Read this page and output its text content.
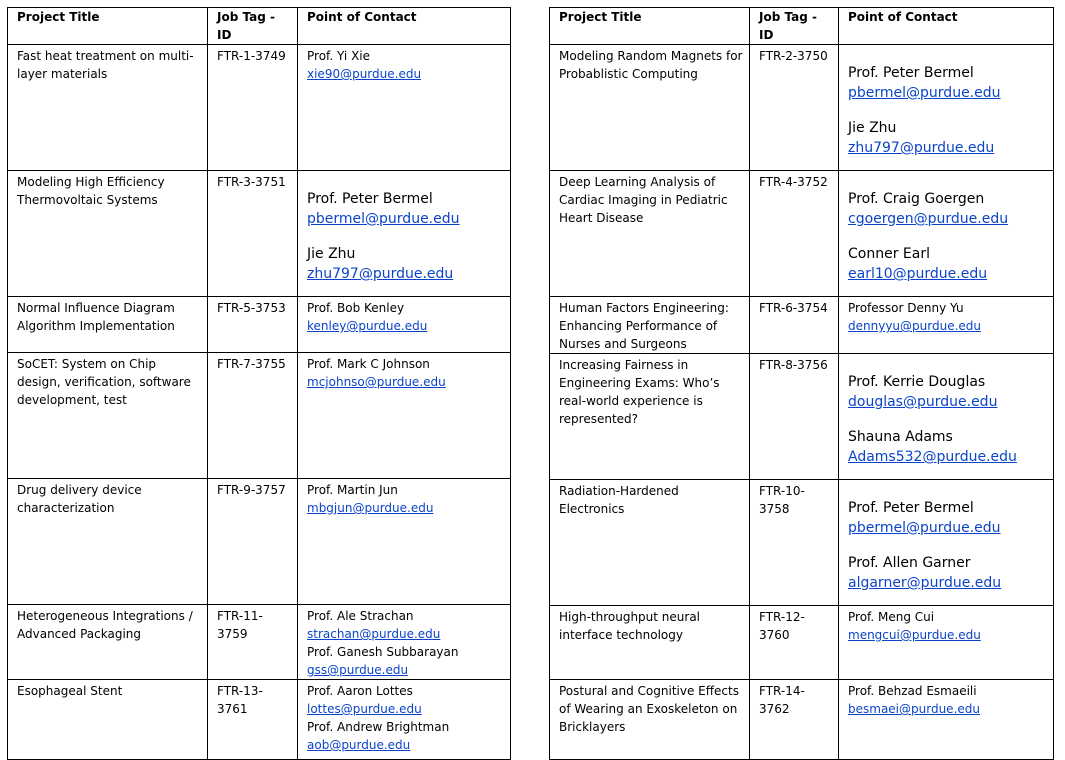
Project Title	Job Tag - ID	Point of Contact
Fast heat treatment on multi-layer materials	FTR-1-3749	Prof. Yi Xie
xie90@purdue.edu

Modeling High Efficiency Thermovoltaic Systems	FTR-3-3751	Prof. Peter Bermel
pbermel@purdue.edu
Jie Zhu
zhu797@purdue.edu

Normal Influence Diagram Algorithm Implementation	FTR-5-3753	Prof. Bob Kenley
kenley@purdue.edu

SoCET: System on Chip design, verification, software development, test	FTR-7-3755	Prof. Mark C Johnson
mcjohnso@purdue.edu

Drug delivery device characterization	FTR-9-3757	Prof. Martin Jun
mbgjun@purdue.edu

Heterogeneous Integrations / Advanced Packaging	FTR-11-3759	Prof. Ale Strachan
strachan@purdue.edu
Prof. Ganesh Subbarayan
gss@purdue.edu

Esophageal Stent	FTR-13-3761	Prof. Aaron Lottes
lottes@purdue.edu
Prof. Andrew Brightman
aob@purdue.edu
Project Title	Job Tag - ID	Point of Contact
Modeling Random Magnets for Probablistic Computing	FTR-2-3750	Prof. Peter Bermel
pbermel@purdue.edu
Jie Zhu
zhu797@purdue.edu

Deep Learning Analysis of Cardiac Imaging in Pediatric Heart Disease	FTR-4-3752	Prof. Craig Goergen
cgoergen@purdue.edu
Conner Earl
earl10@purdue.edu

Human Factors Engineering: Enhancing Performance of Nurses and Surgeons	FTR-6-3754	Professor Denny Yu
dennyyu@purdue.edu

Increasing Fairness in Engineering Exams: Who’s real-world experience is represented?	FTR-8-3756	Prof. Kerrie Douglas
douglas@purdue.edu
Shauna Adams
Adams532@purdue.edu

Radiation-Hardened Electronics	FTR-10-3758	Prof. Peter Bermel
pbermel@purdue.edu
Prof. Allen Garner
algarner@purdue.edu

High-throughput neural interface technology	FTR-12-3760	Prof. Meng Cui
mengcui@purdue.edu

Postural and Cognitive Effects of Wearing an Exoskeleton on Bricklayers	FTR-14-3762	Prof. Behzad Esmaeili
besmaei@purdue.edu
